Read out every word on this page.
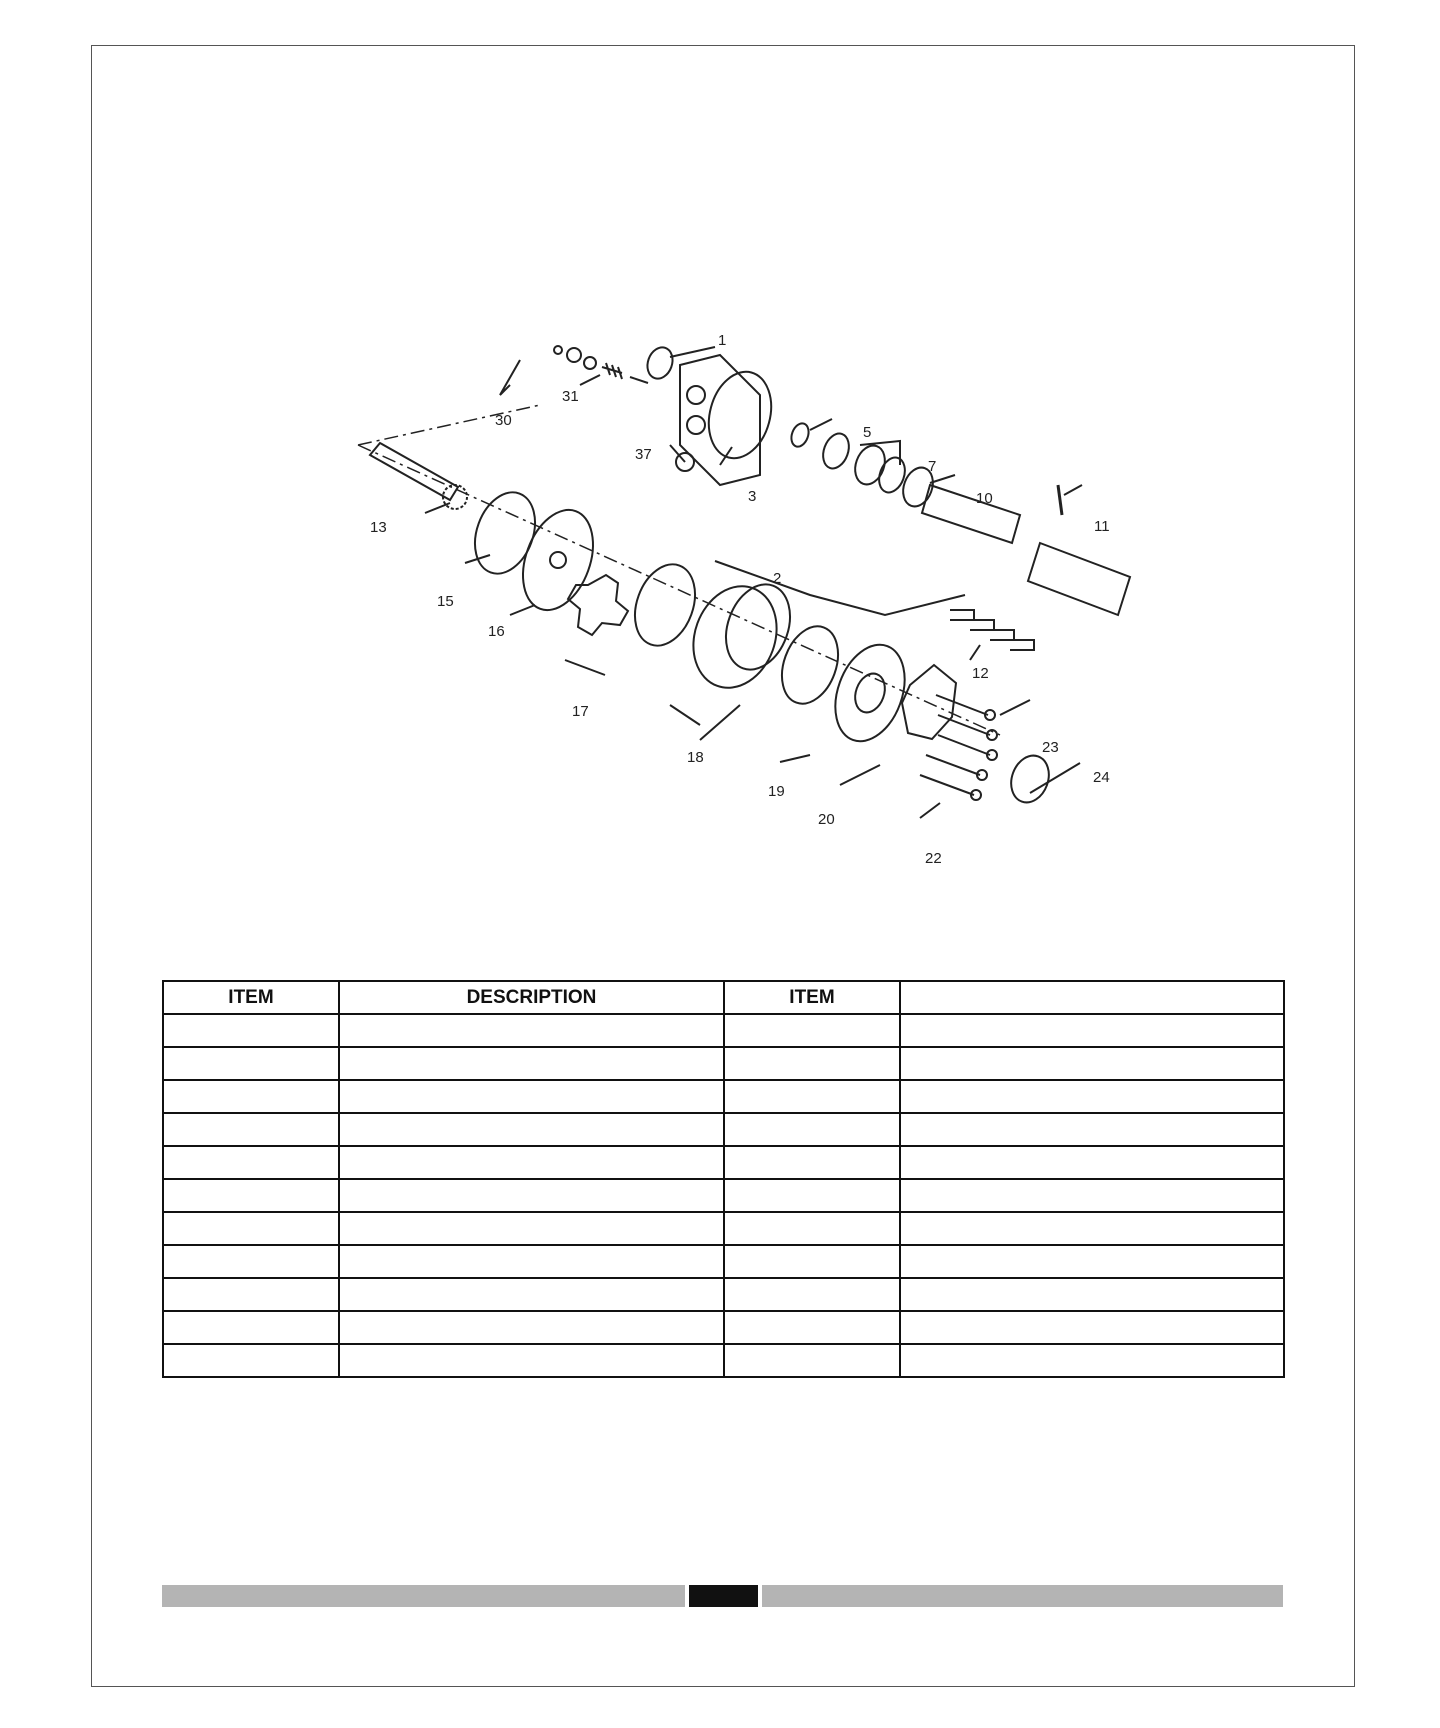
1
30
31
37
3
5
7
10
11
13
15
16
2
12
17
18
19
20
23
24
22
ITEM	DESCRIPTION	ITEM	
